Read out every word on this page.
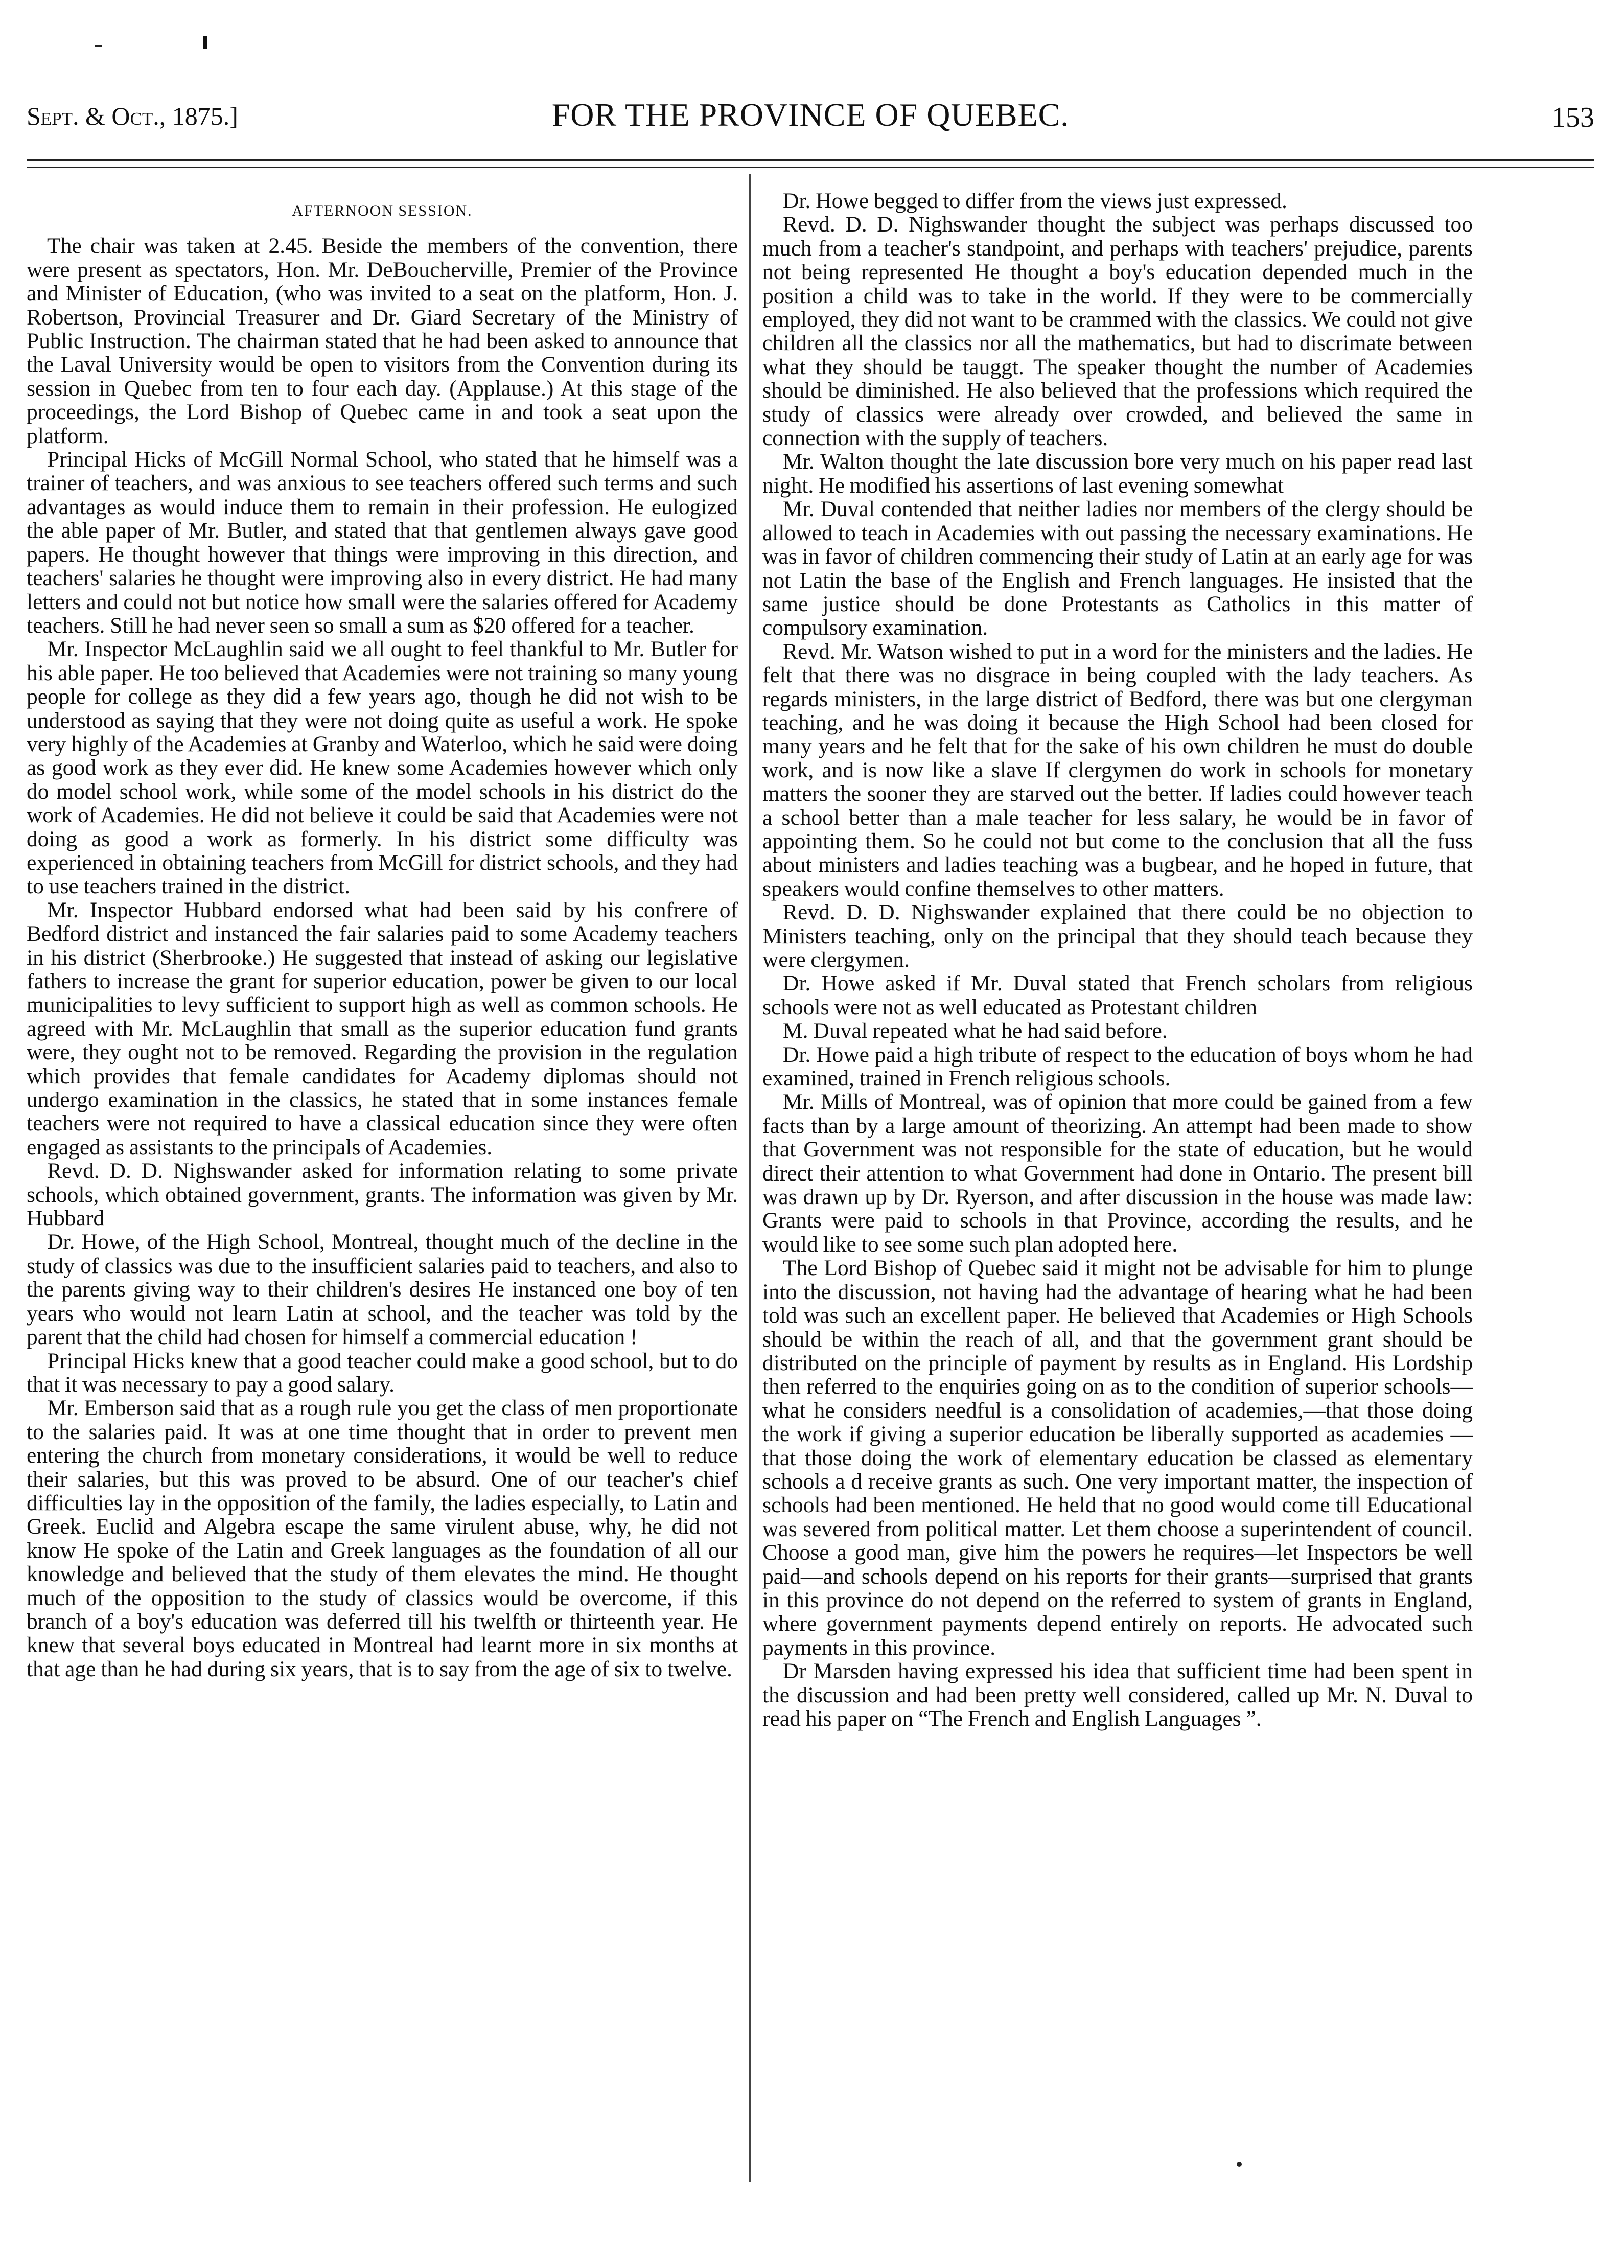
Sept. & Oct., 1875.]	FOR THE PROVINCE OF QUEBEC.	153
AFTERNOON SESSION.

The chair was taken at 2.45. Beside the members of the convention, there were present as spectators, Hon. Mr. DeBoucherville, Premier of the Province and Minister of Education, (who was invited to a seat on the platform, Hon. J. Robertson, Provincial Treasurer and Dr. Giard Secretary of the Ministry of Public Instruction. The chairman stated that he had been asked to announce that the Laval University would be open to visitors from the Convention during its session in Quebec from ten to four each day. (Applause.) At this stage of the proceedings, the Lord Bishop of Quebec came in and took a seat upon the platform.

Principal Hicks of McGill Normal School, who stated that he himself was a trainer of teachers, and was anxious to see teachers offered such terms and such advantages as would induce them to remain in their profession. He eulogized the able paper of Mr. Butler, and stated that that gentlemen always gave good papers. He thought however that things were improving in this direction, and teachers' salaries he thought were improving also in every district. He had many letters and could not but notice how small were the salaries offered for Academy teachers. Still he had never seen so small a sum as $20 offered for a teacher.

Mr. Inspector McLaughlin said we all ought to feel thankful to Mr. Butler for his able paper. He too believed that Academies were not training so many young people for college as they did a few years ago, though he did not wish to be understood as saying that they were not doing quite as useful a work. He spoke very highly of the Academies at Granby and Waterloo, which he said were doing as good work as they ever did. He knew some Academies however which only do model school work, while some of the model schools in his district do the work of Academies. He did not believe it could be said that Academies were not doing as good a work as formerly. In his district some difficulty was experienced in obtaining teachers from McGill for district schools, and they had to use teachers trained in the district.

Mr. Inspector Hubbard endorsed what had been said by his confrere of Bedford district and instanced the fair salaries paid to some Academy teachers in his district (Sherbrooke.) He suggested that instead of asking our legislative fathers to increase the grant for superior education, power be given to our local municipalities to levy sufficient to support high as well as common schools. He agreed with Mr. McLaughlin that small as the superior education fund grants were, they ought not to be removed. Regarding the provision in the regulation which provides that female candidates for Academy diplomas should not undergo examination in the classics, he stated that in some instances female teachers were not required to have a classical education since they were often engaged as assistants to the principals of Academies.

Revd. D. D. Nighswander asked for information relating to some private schools, which obtained government, grants. The information was given by Mr. Hubbard

Dr. Howe, of the High School, Montreal, thought much of the decline in the study of classics was due to the insufficient salaries paid to teachers, and also to the parents giving way to their children's desires He instanced one boy of ten years who would not learn Latin at school, and the teacher was told by the parent that the child had chosen for himself a commercial education !

Principal Hicks knew that a good teacher could make a good school, but to do that it was necessary to pay a good salary.

Mr. Emberson said that as a rough rule you get the class of men proportionate to the salaries paid. It was at one time thought that in order to prevent men entering the church from monetary considerations, it would be well to reduce their salaries, but this was proved to be absurd. One of our teacher's chief difficulties lay in the opposition of the family, the ladies especially, to Latin and Greek. Euclid and Algebra escape the same virulent abuse, why, he did not know He spoke of the Latin and Greek languages as the foundation of all our knowledge and believed that the study of them elevates the mind. He thought much of the opposition to the study of classics would be overcome, if this branch of a boy's education was deferred till his twelfth or thirteenth year. He knew that several boys educated in Montreal had learnt more in six months at that age than he had during six years, that is to say from the age of six to twelve.

Dr. Howe begged to differ from the views just expressed.

Revd. D. D. Nighswander thought the subject was perhaps discussed too much from a teacher's standpoint, and perhaps with teachers' prejudice, parents not being represented He thought a boy's education depended much in the position a child was to take in the world. If they were to be commercially employed, they did not want to be crammed with the classics. We could not give children all the classics nor all the mathematics, but had to discrimate between what they should be tauggt. The speaker thought the number of Academies should be diminished. He also believed that the professions which required the study of classics were already over crowded, and believed the same in connection with the supply of teachers.

Mr. Walton thought the late discussion bore very much on his paper read last night. He modified his assertions of last evening somewhat

Mr. Duval contended that neither ladies nor members of the clergy should be allowed to teach in Academies with out passing the necessary examinations. He was in favor of children commencing their study of Latin at an early age for was not Latin the base of the English and French languages. He insisted that the same justice should be done Protestants as Catholics in this matter of compulsory examination.

Revd. Mr. Watson wished to put in a word for the ministers and the ladies. He felt that there was no disgrace in being coupled with the lady teachers. As regards ministers, in the large district of Bedford, there was but one clergyman teaching, and he was doing it because the High School had been closed for many years and he felt that for the sake of his own children he must do double work, and is now like a slave If clergymen do work in schools for monetary matters the sooner they are starved out the better. If ladies could however teach a school better than a male teacher for less salary, he would be in favor of appointing them. So he could not but come to the conclusion that all the fuss about ministers and ladies teaching was a bugbear, and he hoped in future, that speakers would confine themselves to other matters.

Revd. D. D. Nighswander explained that there could be no objection to Ministers teaching, only on the principal that they should teach because they were clergymen.

Dr. Howe asked if Mr. Duval stated that French scholars from religious schools were not as well educated as Protestant children

M. Duval repeated what he had said before.

Dr. Howe paid a high tribute of respect to the education of boys whom he had examined, trained in French religious schools.

Mr. Mills of Montreal, was of opinion that more could be gained from a few facts than by a large amount of theorizing. An attempt had been made to show that Government was not responsible for the state of education, but he would direct their attention to what Government had done in Ontario. The present bill was drawn up by Dr. Ryerson, and after discussion in the house was made law: Grants were paid to schools in that Province, according the results, and he would like to see some such plan adopted here.

The Lord Bishop of Quebec said it might not be advisable for him to plunge into the discussion, not having had the advantage of hearing what he had been told was such an excellent paper. He believed that Academies or High Schools should be within the reach of all, and that the government grant should be distributed on the principle of payment by results as in England. His Lordship then referred to the enquiries going on as to the condition of superior schools—what he considers needful is a consolidation of academies,—that those doing the work if giving a superior education be liberally supported as academies —that those doing the work of elementary education be classed as elementary schools a d receive grants as such. One very important matter, the inspection of schools had been mentioned. He held that no good would come till Educational was severed from political matter. Let them choose a superintendent of council. Choose a good man, give him the powers he requires—let Inspectors be well paid—and schools depend on his reports for their grants—surprised that grants in this province do not depend on the referred to system of grants in England, where government payments depend entirely on reports. He advocated such payments in this province.

Dr Marsden having expressed his idea that sufficient time had been spent in the discussion and had been pretty well considered, called up Mr. N. Duval to read his paper on “The French and English Languages ”.
